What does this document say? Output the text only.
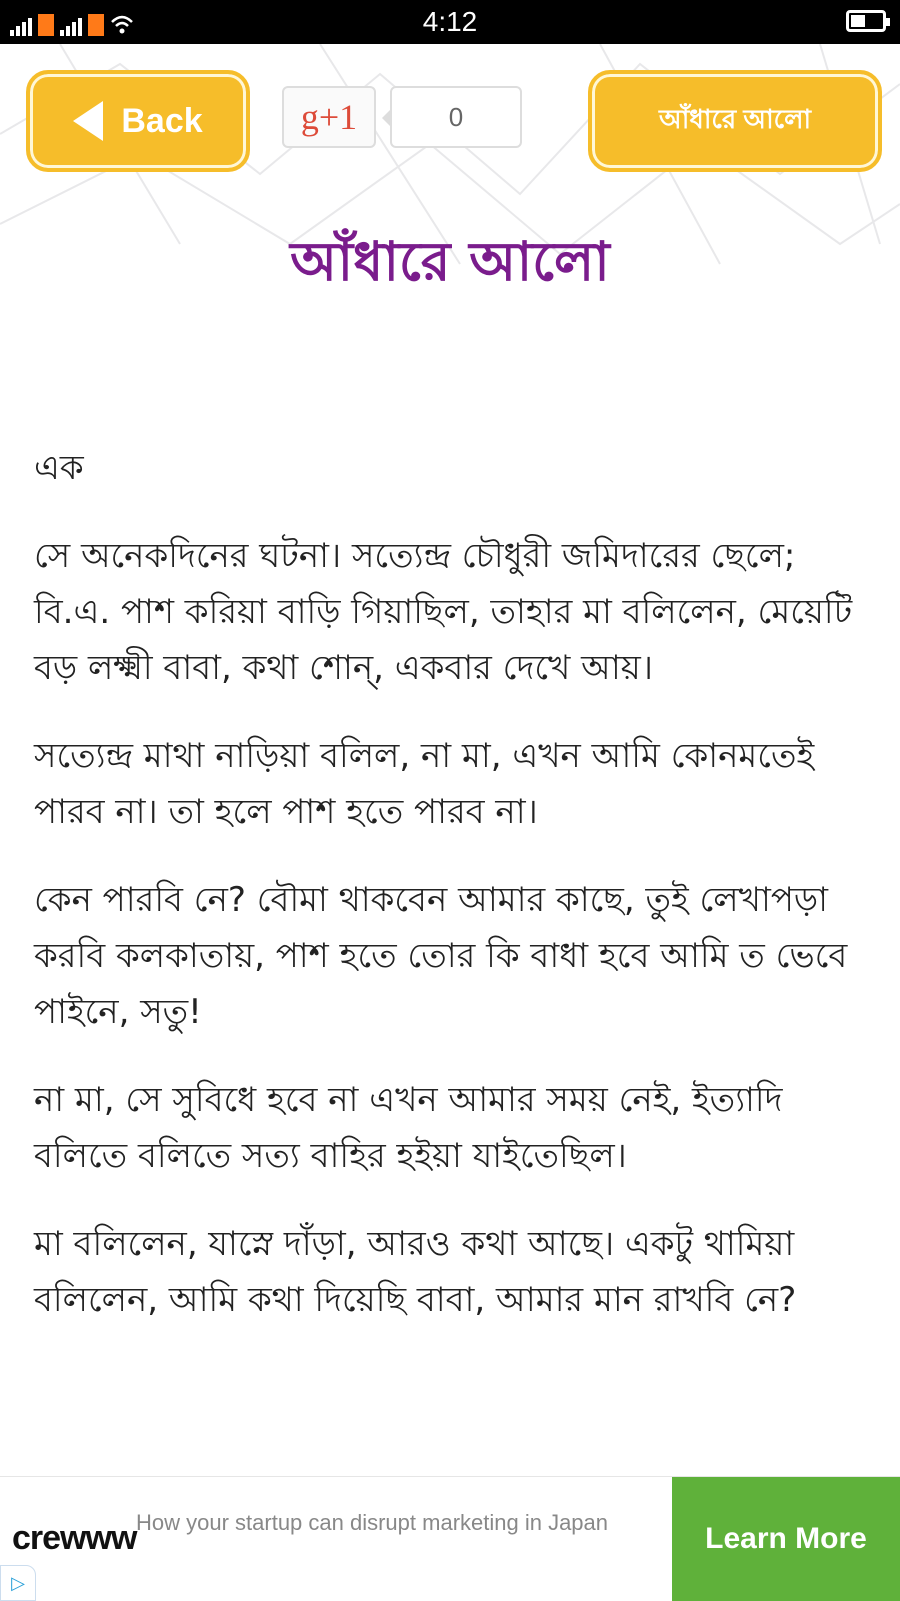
4:12
Back	g+1	0	আঁধারে আলো
আঁধারে আলো

এক

সে অনেকদিনের ঘটনা। সত্যেন্দ্র চৌধুরী জমিদারের ছেলে; বি.এ. পাশ করিয়া বাড়ি গিয়াছিল, তাহার মা বলিলেন, মেয়েটি বড় লক্ষ্মী বাবা, কথা শোন্‌, একবার দেখে আয়।

সত্যেন্দ্র মাথা নাড়িয়া বলিল, না মা, এখন আমি কোনমতেই পারব না। তা হলে পাশ হতে পারব না।

কেন পারবি নে? বৌমা থাকবেন আমার কাছে, তুই লেখাপড়া করবি কলকাতায়, পাশ হতে তোর কি বাধা হবে আমি ত ভেবে পাইনে, সতু!

না মা, সে সুবিধে হবে না এখন আমার সময় নেই, ইত্যাদি বলিতে বলিতে সত্য বাহির হইয়া যাইতেছিল।

মা বলিলেন, যাস্নে দাঁড়া, আরও কথা আছে। একটু থামিয়া বলিলেন, আমি কথা দিয়েছি বাবা, আমার মান রাখবি নে?

crewww How your startup can disrupt marketing in Japan	Learn More
▷
